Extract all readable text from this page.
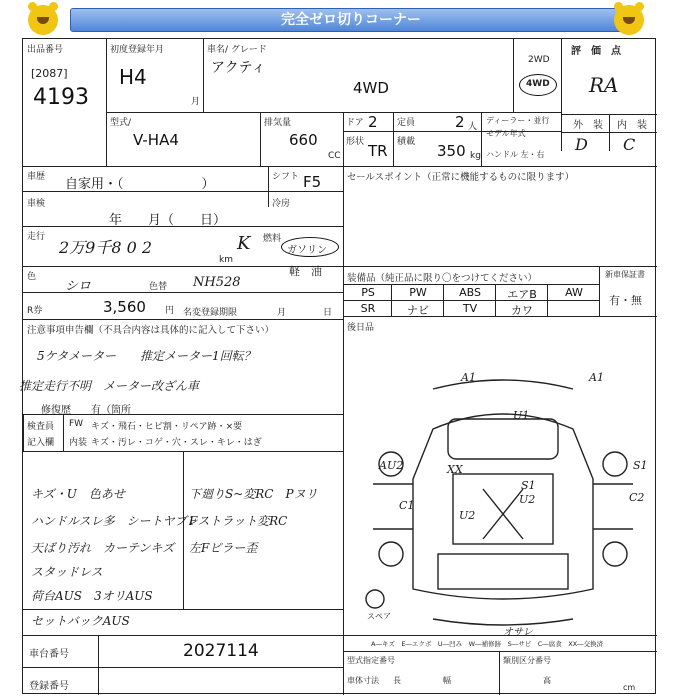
完全ゼロ切りコーナー
出品番号
[2087]
4193
初度登録年月
H4
月
車名/ グレード
アクティ
4WD
2WD
4WD
評　価　点
RA
型式/
V-HA4
排気量
660
CC
ドア 2 定員	2 人
ディーラー・並行
モデル年式
ハンドル 左・右
外　装 内　装
D C
形状 TR 積載 350 kg
車歴 自家用・（　　　　　　）	シフト F5	セールスポイント（正常に機能するものに限ります）
冷房
車検
年　　月（　　日）
走行
2万9千8 0 2
km
K 燃料
ガソリン
軽　油
色
シロ	色替 NH528
R券	3,560 円 名変登録期限	月	日
装備品（純正品に限り〇をつけてください）
PS	PW	ABS	エアB	AW
SR	ナビ	TV	カワ
新車保証書
有・無
後日品
注意事項申告欄（不具合内容は具体的に記入して下さい）
5ケタメーター　　推定メーター1回転？
推定走行不明　メーター改ざん車
修復歴　　有（箇所
検査員
記入欄
FW キズ・飛石・ヒビ割・リペア跡・×要
内装 キズ・汚レ・コゲ・穴・スレ・キレ・はぎ
キズ・U　色あせ
ハンドルスレ多　シートヤブレ
天ばり汚れ　カーテンキズ
スタッドレス
荷台AUS　3オリAUS
セットバックAUS
下廻りS~変RC　Pヌリ
Fストラット変RC
左Fピラー歪
A1	A1
U1
AU2	XX
S1
U2
S1
C1
U2
C2
スペア
オサレ
A―キズ　E―エクボ　U―凹み　W―補修跡　S―サビ　C―腐食　XX―交換済
車台番号	2027114
登録番号
型式指定番号	類別区分番号
車体寸法 長	幅	高
cm
